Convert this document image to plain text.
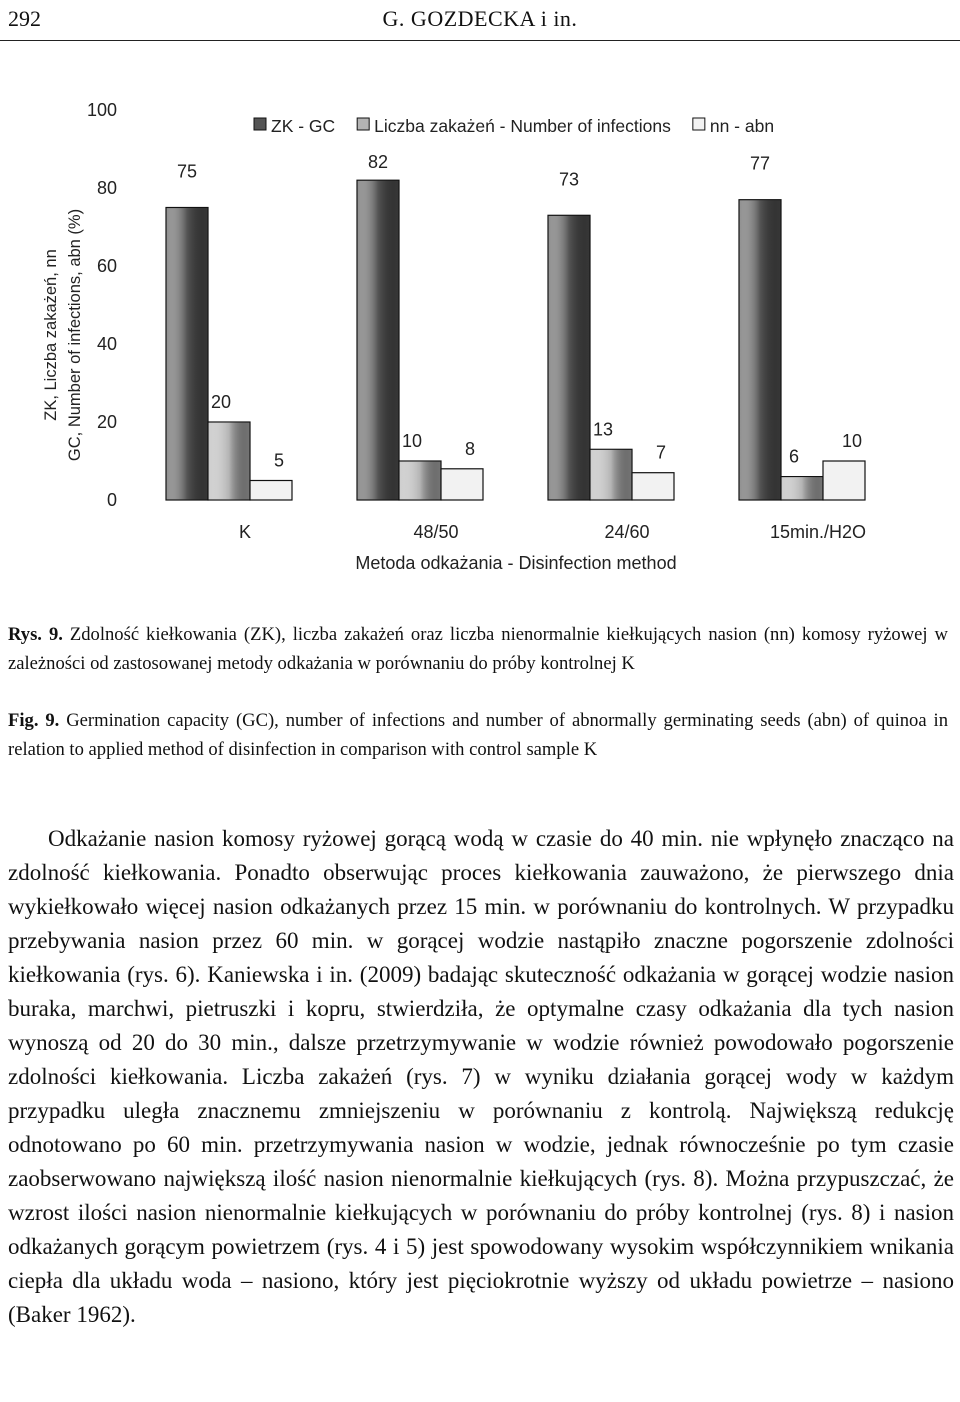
292	G. GOZDECKA i in.
ZK, Liczba zakażeń, nn GC, Number of infections, abn (%)
0
20
40
60
80
100
ZK - GC Liczba zakażeń - Number of infections nn - abn
75
20
5
82
10 8
73
13
7
77
6
10
K	48/50	24/60	15min./H2O
Metoda odkażania - Disinfection method
Rys. 9. Zdolność kiełkowania (ZK), liczba zakażeń oraz liczba nienormalnie kiełkujących nasion (nn) komosy ryżowej w zależności od zastosowanej metody odkażania w porównaniu do próby kontrolnej K
Fig. 9. Germination capacity (GC), number of infections and number of abnormally germinating seeds (abn) of quinoa in relation to applied method of disinfection in comparison with control sample K

Odkażanie nasion komosy ryżowej gorącą wodą w czasie do 40 min. nie wpłynęło znacząco na zdolność kiełkowania. Ponadto obserwując proces kiełkowania zauważono, że pierwszego dnia wykiełkowało więcej nasion odkażanych przez 15 min. w porównaniu do kontrolnych. W przypadku przebywania nasion przez 60 min. w gorącej wodzie nastąpiło znaczne pogorszenie zdolności kiełkowania (rys. 6). Kaniewska i in. (2009) badając skuteczność odkażania w gorącej wodzie nasion buraka, marchwi, pietruszki i kopru, stwierdziła, że optymalne czasy odkażania dla tych nasion wynoszą od 20 do 30 min., dalsze przetrzymywanie w wodzie również powodowało pogorszenie zdolności kiełkowania. Liczba zakażeń (rys. 7) w wyniku działania gorącej wody w każdym przypadku uległa znacznemu zmniejszeniu w porównaniu z kontrolą. Największą redukcję odnotowano po 60 min. przetrzymywania nasion w wodzie, jednak równocześnie po tym czasie zaobserwowano największą ilość nasion nienormalnie kiełkujących (rys. 8). Można przypuszczać, że wzrost ilości nasion nienormalnie kiełkujących w porównaniu do próby kontrolnej (rys. 8) i nasion odkażanych gorącym powietrzem (rys. 4 i 5) jest spowodowany wysokim współczynnikiem wnikania ciepła dla układu woda – nasiono, który jest pięciokrotnie wyższy od układu powietrze – nasiono (Baker 1962).
